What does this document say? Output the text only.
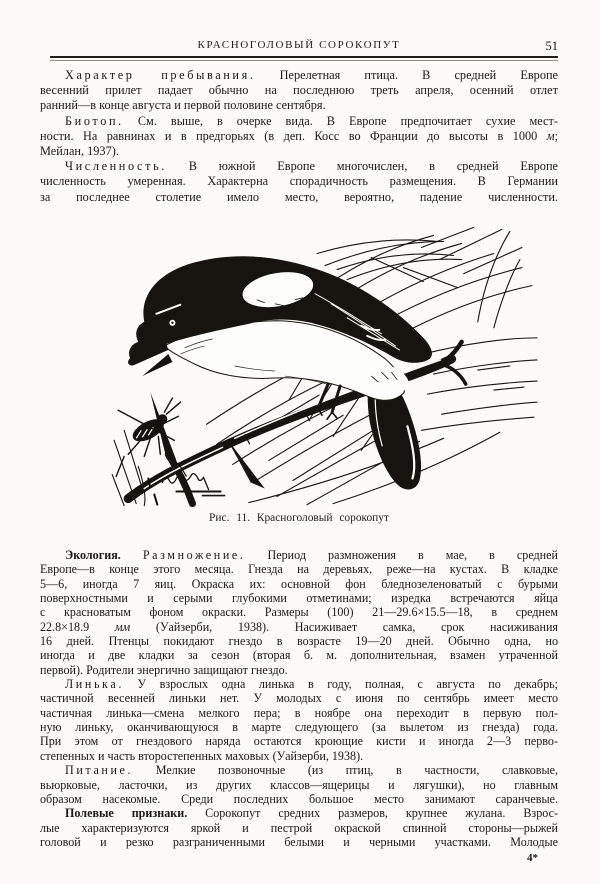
КРАСНОГОЛОВЫЙ СОРОКОПУТ	51
Характер пребывания. Перелетная птица. В средней Европе
весенний прилет падает обычно на последнюю треть апреля, осенний отлет
ранний—в конце августа и первой половине сентября.
Биотоп. См. выше, в очерке вида. В Европе предпочитает сухие мест-
ности. На равнинах и в предгорьях (в деп. Косс во Франции до высоты в 1000 м;
Мейлан, 1937).
Численность. В южной Европе многочислен, в средней Европе
численность умеренная. Характерна спорадичность размещения. В Германии
за последнее столетие имело место, вероятно, падение численности.
Рис. 11. Красноголовый сорокопут
Экология. Размножение. Период размножения в мае, в средней
Европе—в конце этого месяца. Гнезда на деревьях, реже—на кустах. В кладке
5—6, иногда 7 яиц. Окраска их: основной фон бледнозеленоватый с бурыми
поверхностными и серыми глубокими отметинами; изредка встречаются яйца
с красноватым фоном окраски. Размеры (100) 21—29.6×15.5—18, в среднем
22.8×18.9 мм (Уайзерби, 1938). Насиживает самка, срок насиживания
16 дней. Птенцы покидают гнездо в возрасте 19—20 дней. Обычно одна, но
иногда и две кладки за сезон (вторая б. м. дополнительная, взамен утраченной
первой). Родители энергично защищают гнездо.
Линька. У взрослых одна линька в году, полная, с августа по декабрь;
частичной весенней линьки нет. У молодых с июня по сентябрь имеет место
частичная линька—смена мелкого пера; в ноябре она переходит в первую пол-
ную линьку, оканчивающуюся в марте следующего (за вылетом из гнезда) года.
При этом от гнездового наряда остаются кроющие кисти и иногда 2—3 перво-
степенных и часть второстепенных маховых (Уайзерби, 1938).
Питание. Мелкие позвоночные (из птиц, в частности, славковые,
вьюрковые, ласточки, из других классов—ящерицы и лягушки), но главным
образом насекомые. Среди последних большое место занимают саранчевые.
Полевые признаки. Сорокопут средних размеров, крупнее жулана. Взрос-
лые характеризуются яркой и пестрой окраской спинной стороны—рыжей
головой и резко разграниченными белыми и черными участками. Молодые
4*
